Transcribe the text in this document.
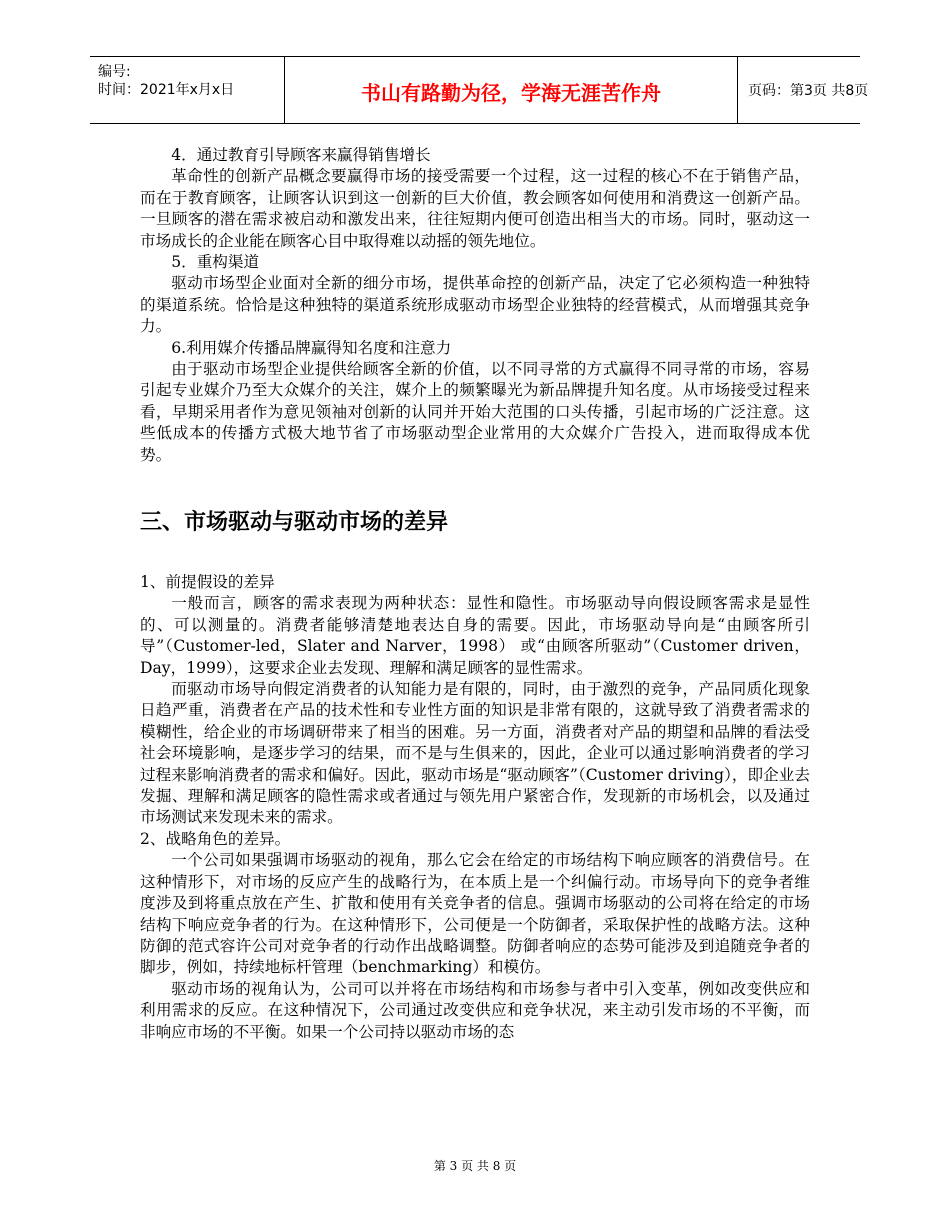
编号:
时间：2021年x月x日	书山有路勤为径，学海无涯苦作舟	页码：第3页 共8页

4．通过教育引导顾客来赢得销售增长

革命性的创新产品概念要赢得市场的接受需要一个过程，这一过程的核心不在于销售产品，而在于教育顾客，让顾客认识到这一创新的巨大价值，教会顾客如何使用和消费这一创新产品。一旦顾客的潜在需求被启动和激发出来，往往短期内便可创造出相当大的市场。同时，驱动这一市场成长的企业能在顾客心目中取得难以动摇的领先地位。

5．重构渠道

驱动市场型企业面对全新的细分市场，提供革命控的创新产品，决定了它必须构造一种独特的渠道系统。恰恰是这种独特的渠道系统形成驱动市场型企业独特的经营模式，从而增强其竞争力。

6.利用媒介传播品牌赢得知名度和注意力

由于驱动市场型企业提供给顾客全新的价值，以不同寻常的方式赢得不同寻常的市场，容易引起专业媒介乃至大众媒介的关注，媒介上的频繁曝光为新品牌提升知名度。从市场接受过程来看，早期采用者作为意见领袖对创新的认同并开始大范围的口头传播，引起市场的广泛注意。这些低成本的传播方式极大地节省了市场驱动型企业常用的大众媒介广告投入，进而取得成本优势。

三、市场驱动与驱动市场的差异

1、前提假设的差异

一般而言，顾客的需求表现为两种状态：显性和隐性。市场驱动导向假设顾客需求是显性的、可以测量的。消费者能够清楚地表达自身的需要。因此，市场驱动导向是“由顾客所引导”（Customer-led，Slater and Narver，1998） 或“由顾客所驱动”（Customer driven，Day，1999），这要求企业去发现、理解和满足顾客的显性需求。

而驱动市场导向假定消费者的认知能力是有限的，同时，由于激烈的竞争，产品同质化现象日趋严重，消费者在产品的技术性和专业性方面的知识是非常有限的，这就导致了消费者需求的模糊性，给企业的市场调研带来了相当的困难。另一方面，消费者对产品的期望和品牌的看法受社会环境影响，是逐步学习的结果，而不是与生俱来的，因此，企业可以通过影响消费者的学习过程来影响消费者的需求和偏好。因此，驱动市场是“驱动顾客”（Customer driving），即企业去发掘、理解和满足顾客的隐性需求或者通过与领先用户紧密合作，发现新的市场机会，以及通过市场测试来发现未来的需求。

2、战略角色的差异。

一个公司如果强调市场驱动的视角，那么它会在给定的市场结构下响应顾客的消费信号。在这种情形下，对市场的反应产生的战略行为，在本质上是一个纠偏行动。市场导向下的竞争者维度涉及到将重点放在产生、扩散和使用有关竞争者的信息。强调市场驱动的公司将在给定的市场结构下响应竞争者的行为。在这种情形下，公司便是一个防御者，采取保护性的战略方法。这种防御的范式容许公司对竞争者的行动作出战略调整。防御者响应的态势可能涉及到追随竞争者的脚步，例如，持续地标杆管理（benchmarking）和模仿。

驱动市场的视角认为，公司可以并将在市场结构和市场参与者中引入变革，例如改变供应和利用需求的反应。在这种情况下，公司通过改变供应和竞争状况，来主动引发市场的不平衡，而非响应市场的不平衡。如果一个公司持以驱动市场的态

第 3 页 共 8 页
